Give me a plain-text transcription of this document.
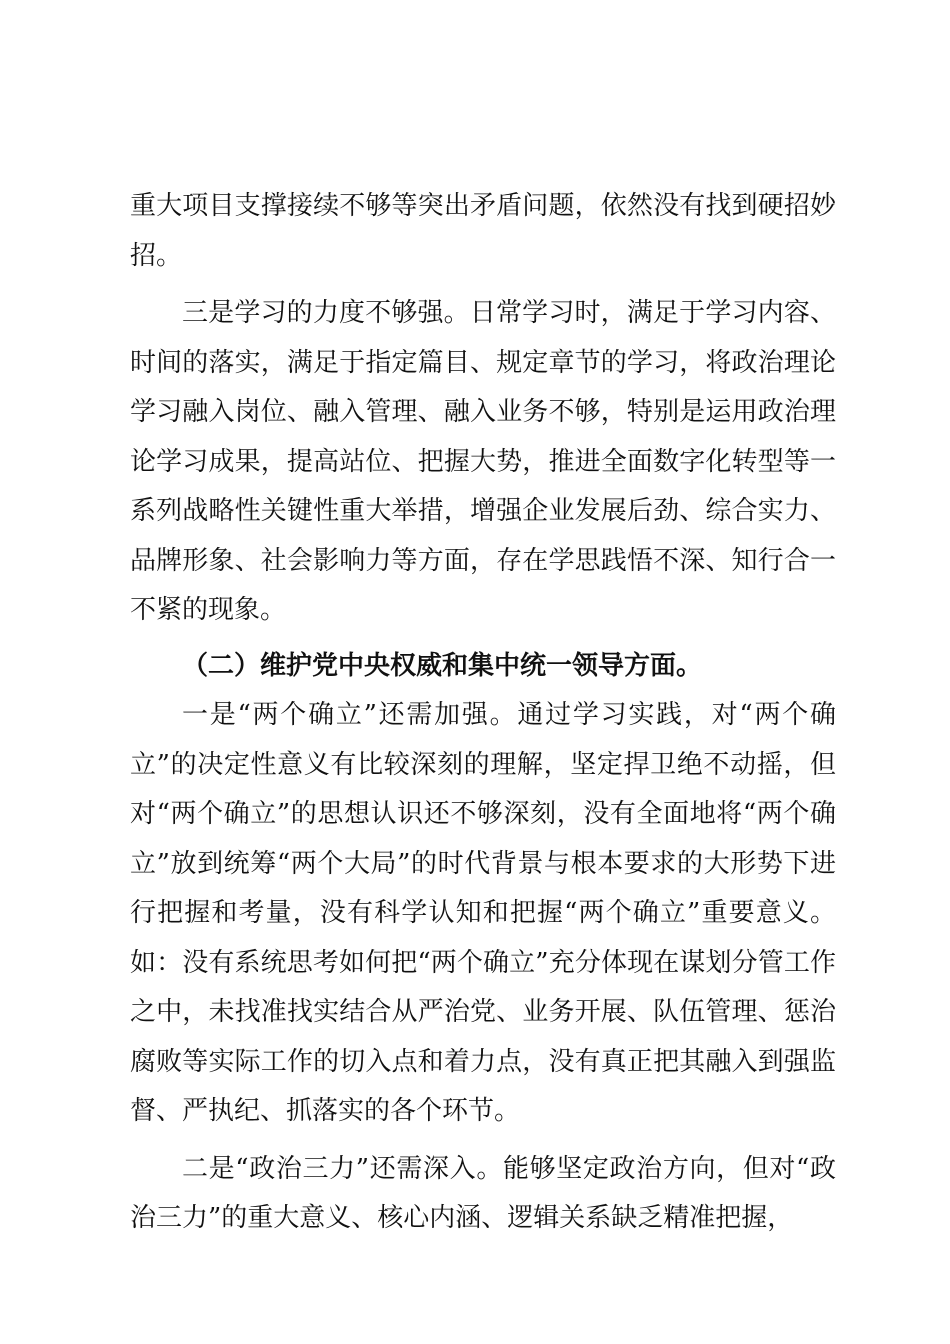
重大项目支撑接续不够等突出矛盾问题，依然没有找到硬招妙招。

三是学习的力度不够强。日常学习时，满足于学习内容、时间的落实，满足于指定篇目、规定章节的学习，将政治理论学习融入岗位、融入管理、融入业务不够，特别是运用政治理论学习成果，提高站位、把握大势，推进全面数字化转型等一系列战略性关键性重大举措，增强企业发展后劲、综合实力、品牌形象、社会影响力等方面，存在学思践悟不深、知行合一不紧的现象。

（二）维护党中央权威和集中统一领导方面。

一是“两个确立”还需加强。通过学习实践，对“两个确立”的决定性意义有比较深刻的理解，坚定捍卫绝不动摇，但对“两个确立”的思想认识还不够深刻，没有全面地将“两个确立”放到统筹“两个大局”的时代背景与根本要求的大形势下进行把握和考量，没有科学认知和把握“两个确立”重要意义。如：没有系统思考如何把“两个确立”充分体现在谋划分管工作之中，未找准找实结合从严治党、业务开展、队伍管理、惩治腐败等实际工作的切入点和着力点，没有真正把其融入到强监督、严执纪、抓落实的各个环节。

二是“政治三力”还需深入。能够坚定政治方向，但对“政治三力”的重大意义、核心内涵、逻辑关系缺乏精准把握，
